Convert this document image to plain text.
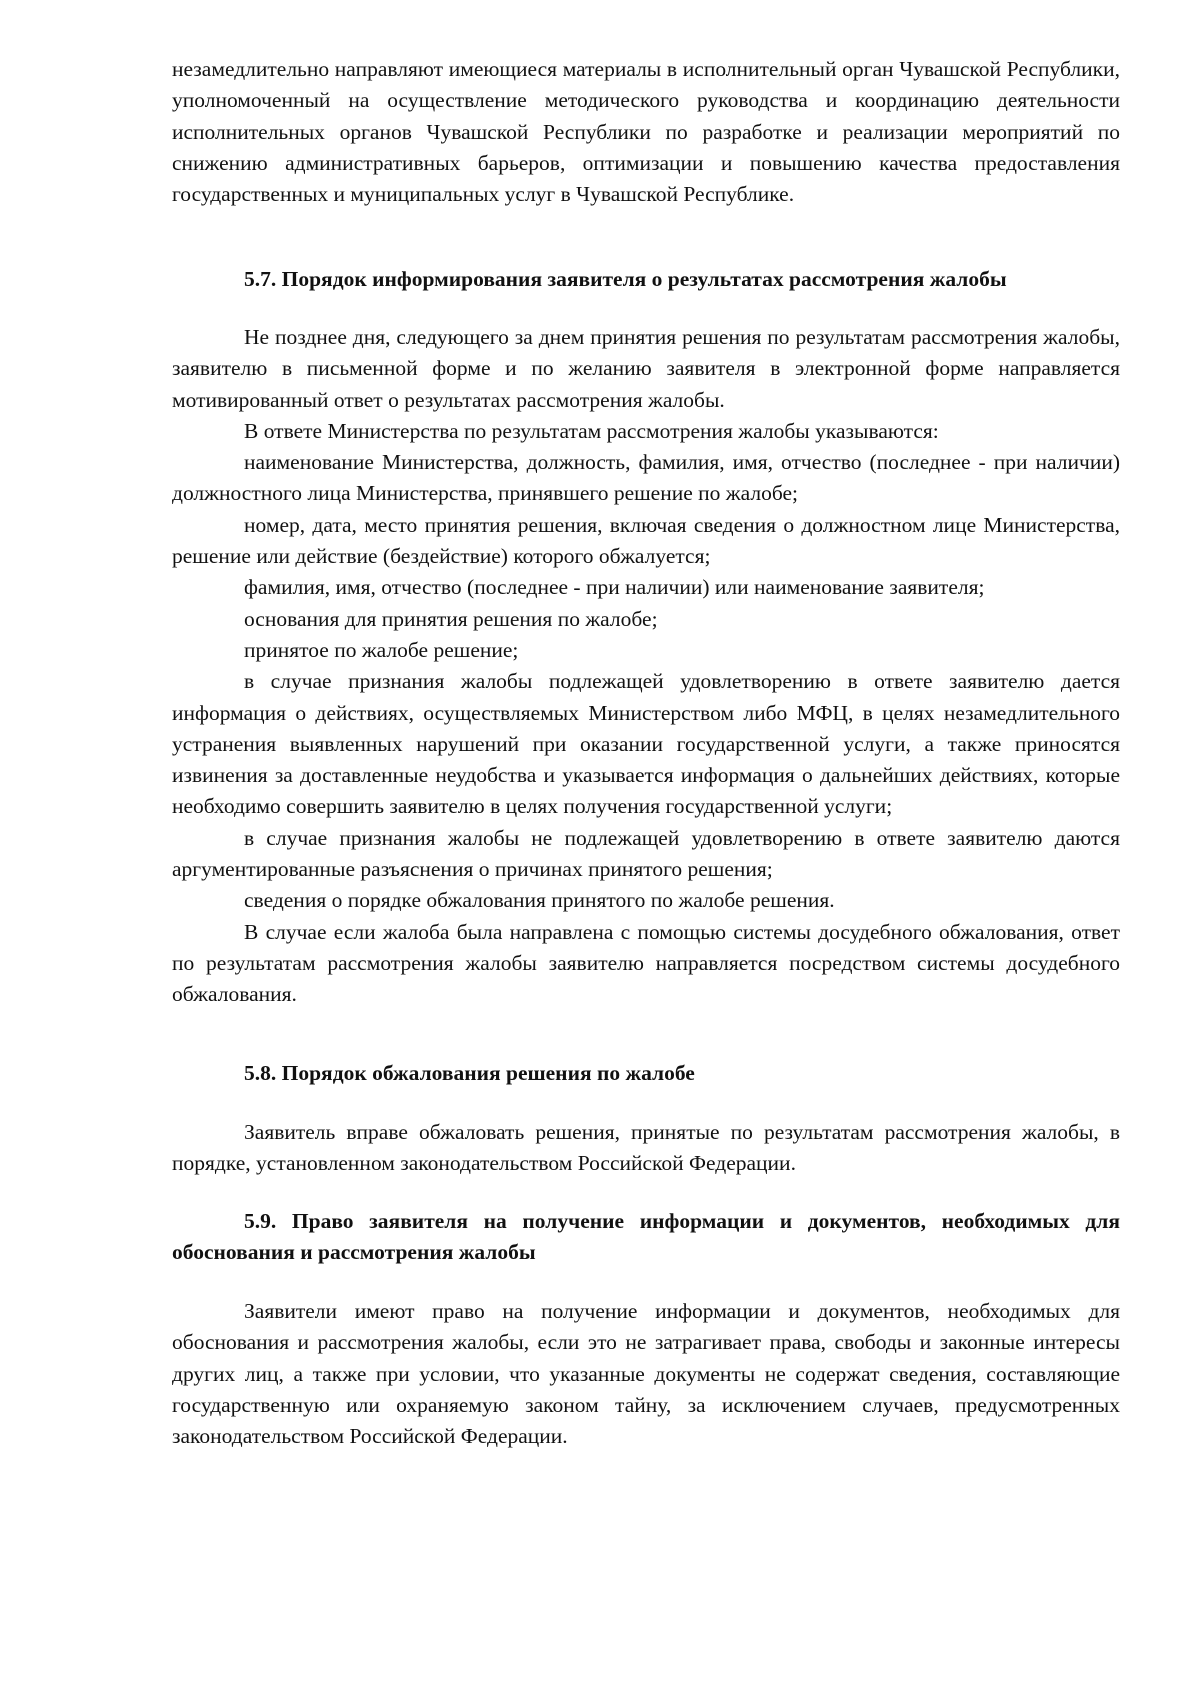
незамедлительно направляют имеющиеся материалы в исполнительный орган Чувашской Республики, уполномоченный на осуществление методического руководства и координацию деятельности исполнительных органов Чувашской Республики по разработке и реализации мероприятий по снижению административных барьеров, оптимизации и повышению качества предоставления государственных и муниципальных услуг в Чувашской Республике.

5.7. Порядок информирования заявителя о результатах рассмотрения жалобы

Не позднее дня, следующего за днем принятия решения по результатам рассмотрения жалобы, заявителю в письменной форме и по желанию заявителя в электронной форме направляется мотивированный ответ о результатах рассмотрения жалобы.

В ответе Министерства по результатам рассмотрения жалобы указываются:

наименование Министерства, должность, фамилия, имя, отчество (последнее - при наличии) должностного лица Министерства, принявшего решение по жалобе;

номер, дата, место принятия решения, включая сведения о должностном лице Министерства, решение или действие (бездействие) которого обжалуется;

фамилия, имя, отчество (последнее - при наличии) или наименование заявителя;

основания для принятия решения по жалобе;

принятое по жалобе решение;

в случае признания жалобы подлежащей удовлетворению в ответе заявителю дается информация о действиях, осуществляемых Министерством либо МФЦ, в целях незамедлительного устранения выявленных нарушений при оказании государственной услуги, а также приносятся извинения за доставленные неудобства и указывается информация о дальнейших действиях, которые необходимо совершить заявителю в целях получения государственной услуги;

в случае признания жалобы не подлежащей удовлетворению в ответе заявителю даются аргументированные разъяснения о причинах принятого решения;

сведения о порядке обжалования принятого по жалобе решения.

В случае если жалоба была направлена с помощью системы досудебного обжалования, ответ по результатам рассмотрения жалобы заявителю направляется посредством системы досудебного обжалования.

5.8. Порядок обжалования решения по жалобе

Заявитель вправе обжаловать решения, принятые по результатам рассмотрения жалобы, в порядке, установленном законодательством Российской Федерации.

5.9. Право заявителя на получение информации и документов, необходимых для обоснования и рассмотрения жалобы

Заявители имеют право на получение информации и документов, необходимых для обоснования и рассмотрения жалобы, если это не затрагивает права, свободы и законные интересы других лиц, а также при условии, что указанные документы не содержат сведения, составляющие государственную или охраняемую законом тайну, за исключением случаев, предусмотренных законодательством Российской Федерации.
